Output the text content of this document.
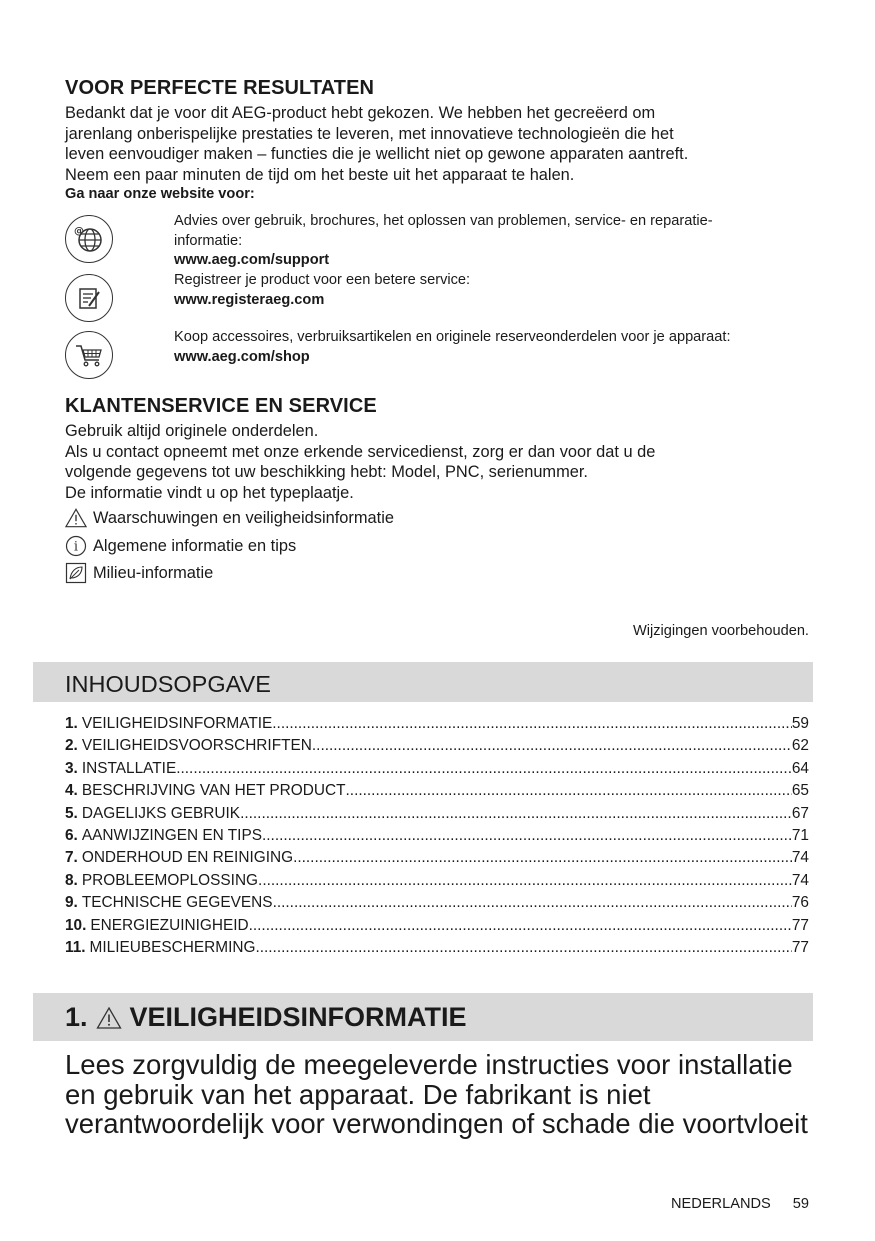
VOOR PERFECTE RESULTATEN
Bedankt dat je voor dit AEG-product hebt gekozen. We hebben het gecreëerd om
jarenlang onberispelijke prestaties te leveren, met innovatieve technologieën die het
leven eenvoudiger maken – functies die je wellicht niet op gewone apparaten aantreft.
Neem een paar minuten de tijd om het beste uit het apparaat te halen.
Ga naar onze website voor:
@
Advies over gebruik, brochures, het oplossen van problemen, service- en reparatie-
informatie:
www.aeg.com/support
Registreer je product voor een betere service:
www.registeraeg.com
Koop accessoires, verbruiksartikelen en originele reserveonderdelen voor je apparaat:
www.aeg.com/shop
KLANTENSERVICE EN SERVICE
Gebruik altijd originele onderdelen.
Als u contact opneemt met onze erkende servicedienst, zorg er dan voor dat u de
volgende gegevens tot uw beschikking hebt: Model, PNC, serienummer.
De informatie vindt u op het typeplaatje.
Waarschuwingen en veiligheidsinformatie
i Algemene informatie en tips
Milieu-informatie
Wijzigingen voorbehouden.
INHOUDSOPGAVE
1. VEILIGHEIDSINFORMATIE .....	59
2. VEILIGHEIDSVOORSCHRIFTEN .....	62
3. INSTALLATIE .....	64
4. BESCHRIJVING VAN HET PRODUCT .....	65
5. DAGELIJKS GEBRUIK .....	67
6. AANWIJZINGEN EN TIPS .....	71
7. ONDERHOUD EN REINIGING .....	74
8. PROBLEEMOPLOSSING .....	74
9. TECHNISCHE GEGEVENS .....	76
10. ENERGIEZUINIGHEID .....	77
11. MILIEUBESCHERMING .....	77
1. VEILIGHEIDSINFORMATIE
Lees zorgvuldig de meegeleverde instructies voor installatie
en gebruik van het apparaat. De fabrikant is niet
verantwoordelijk voor verwondingen of schade die voortvloeit
NEDERLANDS 59
